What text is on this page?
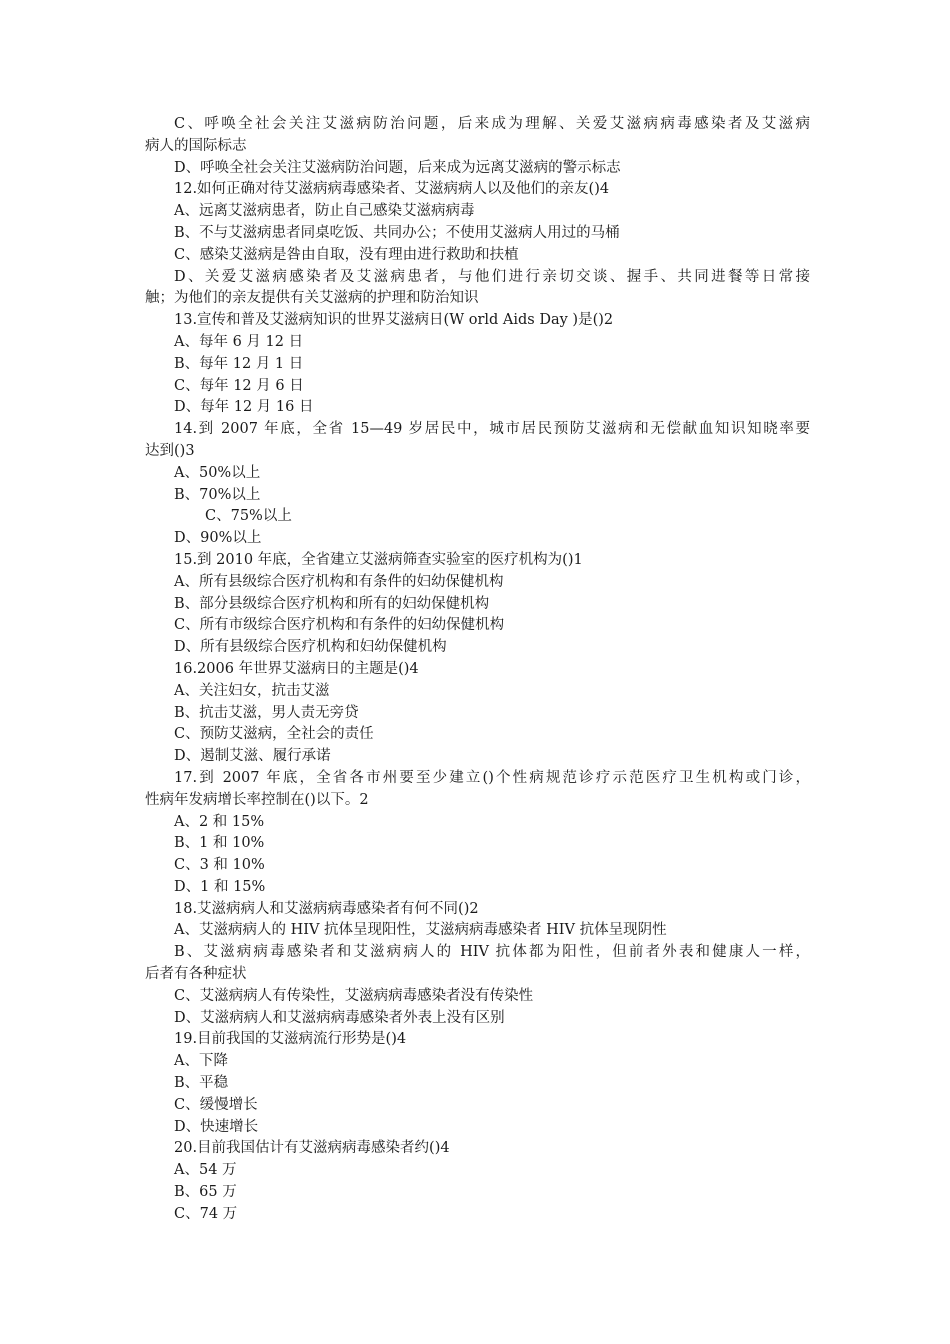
C、呼唤全社会关注艾滋病防治问题，后来成为理解、关爱艾滋病病毒感染者及艾滋病
病人的国际标志
D、呼唤全社会关注艾滋病防治问题，后来成为远离艾滋病的警示标志
12.如何正确对待艾滋病病毒感染者、艾滋病病人以及他们的亲友()4
A、远离艾滋病患者，防止自己感染艾滋病病毒
B、不与艾滋病患者同桌吃饭、共同办公；不使用艾滋病人用过的马桶
C、感染艾滋病是咎由自取，没有理由进行救助和扶植
D、关爱艾滋病感染者及艾滋病患者，与他们进行亲切交谈、握手、共同进餐等日常接
触；为他们的亲友提供有关艾滋病的护理和防治知识
13.宣传和普及艾滋病知识的世界艾滋病日(W orld Aids Day )是()2
A、每年 6 月 12 日
B、每年 12 月 1 日
C、每年 12 月 6 日
D、每年 12 月 16 日
14.到 2007 年底，全省 15—49 岁居民中，城市居民预防艾滋病和无偿献血知识知晓率要
达到()3
A、50%以上
B、70%以上
C、75%以上
D、90%以上
15.到 2010 年底，全省建立艾滋病筛查实验室的医疗机构为()1
A、所有县级综合医疗机构和有条件的妇幼保健机构
B、部分县级综合医疗机构和所有的妇幼保健机构
C、所有市级综合医疗机构和有条件的妇幼保健机构
D、所有县级综合医疗机构和妇幼保健机构
16.2006 年世界艾滋病日的主题是()4
A、关注妇女，抗击艾滋
B、抗击艾滋，男人责无旁贷
C、预防艾滋病，全社会的责任
D、遏制艾滋、履行承诺
17.到 2007 年底，全省各市州要至少建立()个性病规范诊疗示范医疗卫生机构或门诊，
性病年发病增长率控制在()以下。2
A、2 和 15%
B、1 和 10%
C、3 和 10%
D、1 和 15%
18.艾滋病病人和艾滋病病毒感染者有何不同()2
A、艾滋病病人的 HIV 抗体呈现阳性，艾滋病病毒感染者 HIV 抗体呈现阴性
B、艾滋病病毒感染者和艾滋病病人的 HIV 抗体都为阳性，但前者外表和健康人一样，
后者有各种症状
C、艾滋病病人有传染性，艾滋病病毒感染者没有传染性
D、艾滋病病人和艾滋病病毒感染者外表上没有区别
19.目前我国的艾滋病流行形势是()4
A、下降
B、平稳
C、缓慢增长
D、快速增长
20.目前我国估计有艾滋病病毒感染者约()4
A、54 万
B、65 万
C、74 万
